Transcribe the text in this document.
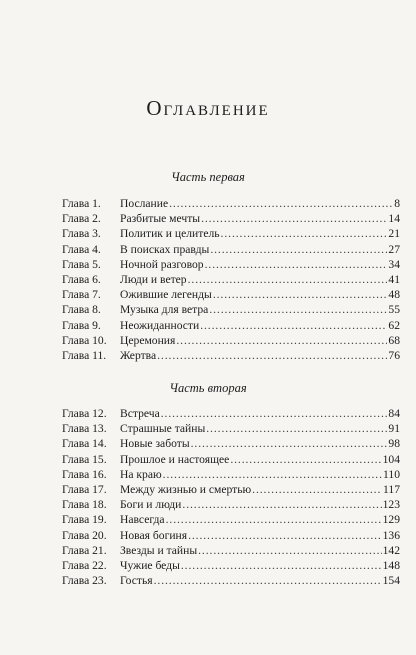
Оглавление
Часть первая
Глава 1.	Послание . . .	8
Глава 2.	Разбитые мечты . . .	14
Глава 3.	Политик и целитель . . .	21
Глава 4.	В поисках правды . . .	27
Глава 5.	Ночной разговор . . .	34
Глава 6.	Люди и ветер . . .	41
Глава 7.	Ожившие легенды . . .	48
Глава 8.	Музыка для ветра . . .	55
Глава 9.	Неожиданности . . .	62
Глава 10.	Церемония . . .	68
Глава 11.	Жертва . . .	76
Часть вторая
Глава 12.	Встреча . . .	84
Глава 13.	Страшные тайны . . .	91
Глава 14.	Новые заботы . . .	98
Глава 15.	Прошлое и настоящее . . .	104
Глава 16.	На краю . . .	110
Глава 17.	Между жизнью и смертью . . .	117
Глава 18.	Боги и люди . . .	123
Глава 19.	Навсегда . . .	129
Глава 20.	Новая богиня . . .	136
Глава 21.	Звезды и тайны . . .	142
Глава 22.	Чужие беды . . .	148
Глава 23.	Гостья . . .	154
